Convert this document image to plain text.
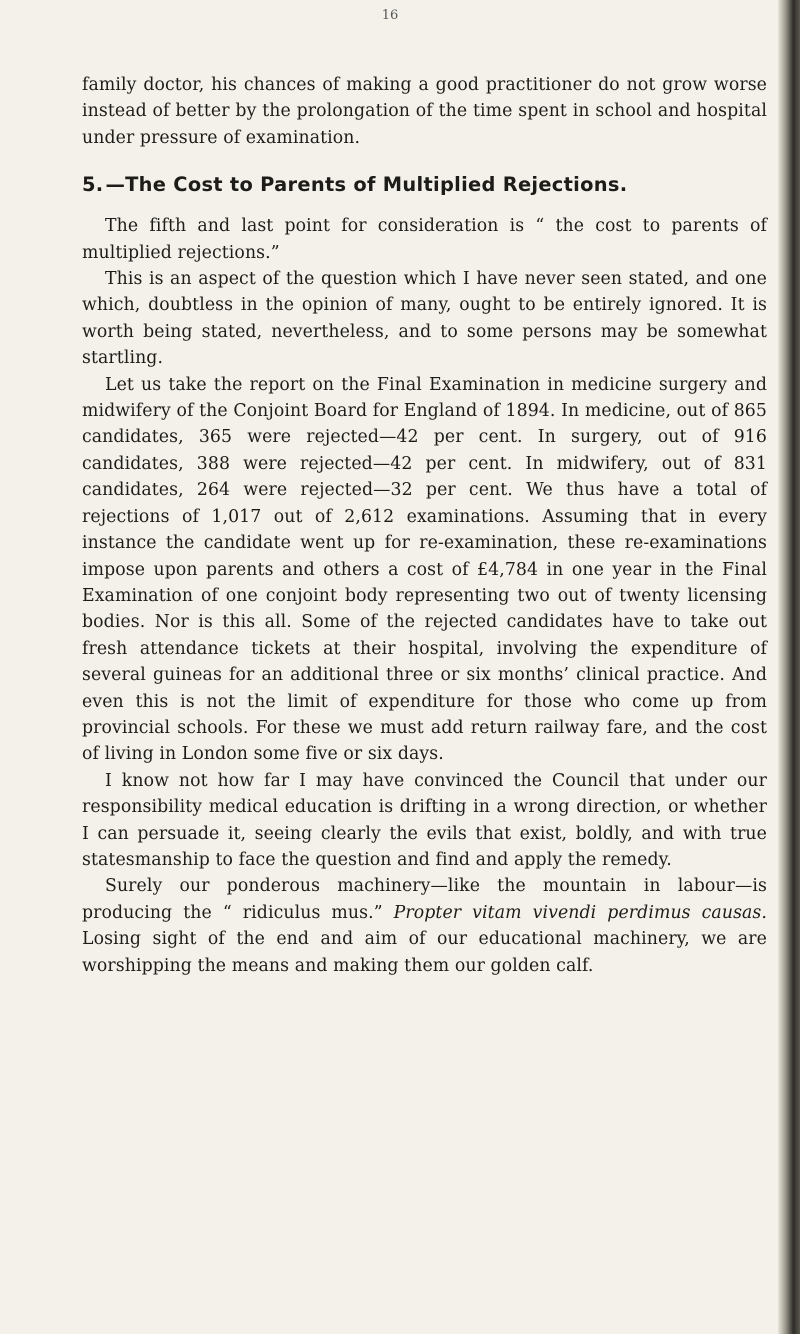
16

family doctor, his chances of making a good practitioner do not grow worse instead of better by the prolongation of the time spent in school and hospital under pressure of examination.

5. —The Cost to Parents of Multiplied Rejections.

The fifth and last point for consideration is “ the cost to parents of multiplied rejections.”

This is an aspect of the question which I have never seen stated, and one which, doubtless in the opinion of many, ought to be entirely ignored. It is worth being stated, nevertheless, and to some persons may be somewhat startling.

Let us take the report on the Final Examination in medicine surgery and midwifery of the Conjoint Board for England of 1894. In medicine, out of 865 candidates, 365 were rejected—42 per cent. In surgery, out of 916 candidates, 388 were rejected—42 per cent. In midwifery, out of 831 candidates, 264 were rejected—32 per cent. We thus have a total of rejections of 1,017 out of 2,612 examinations. Assuming that in every instance the candidate went up for re-examination, these re-examinations impose upon parents and others a cost of £4,784 in one year in the Final Examination of one conjoint body representing two out of twenty licensing bodies. Nor is this all. Some of the rejected candidates have to take out fresh attendance tickets at their hospital, involving the expenditure of several guineas for an additional three or six months’ clinical practice. And even this is not the limit of expenditure for those who come up from provincial schools. For these we must add return railway fare, and the cost of living in London some five or six days.

I know not how far I may have convinced the Council that under our responsibility medical education is drifting in a wrong direction, or whether I can persuade it, seeing clearly the evils that exist, boldly, and with true statesmanship to face the question and find and apply the remedy.

Surely our ponderous machinery—like the mountain in labour—is producing the “ ridiculus mus.” Propter vitam vivendi perdimus causas. Losing sight of the end and aim of our educational machinery, we are worshipping the means and making them our golden calf.
